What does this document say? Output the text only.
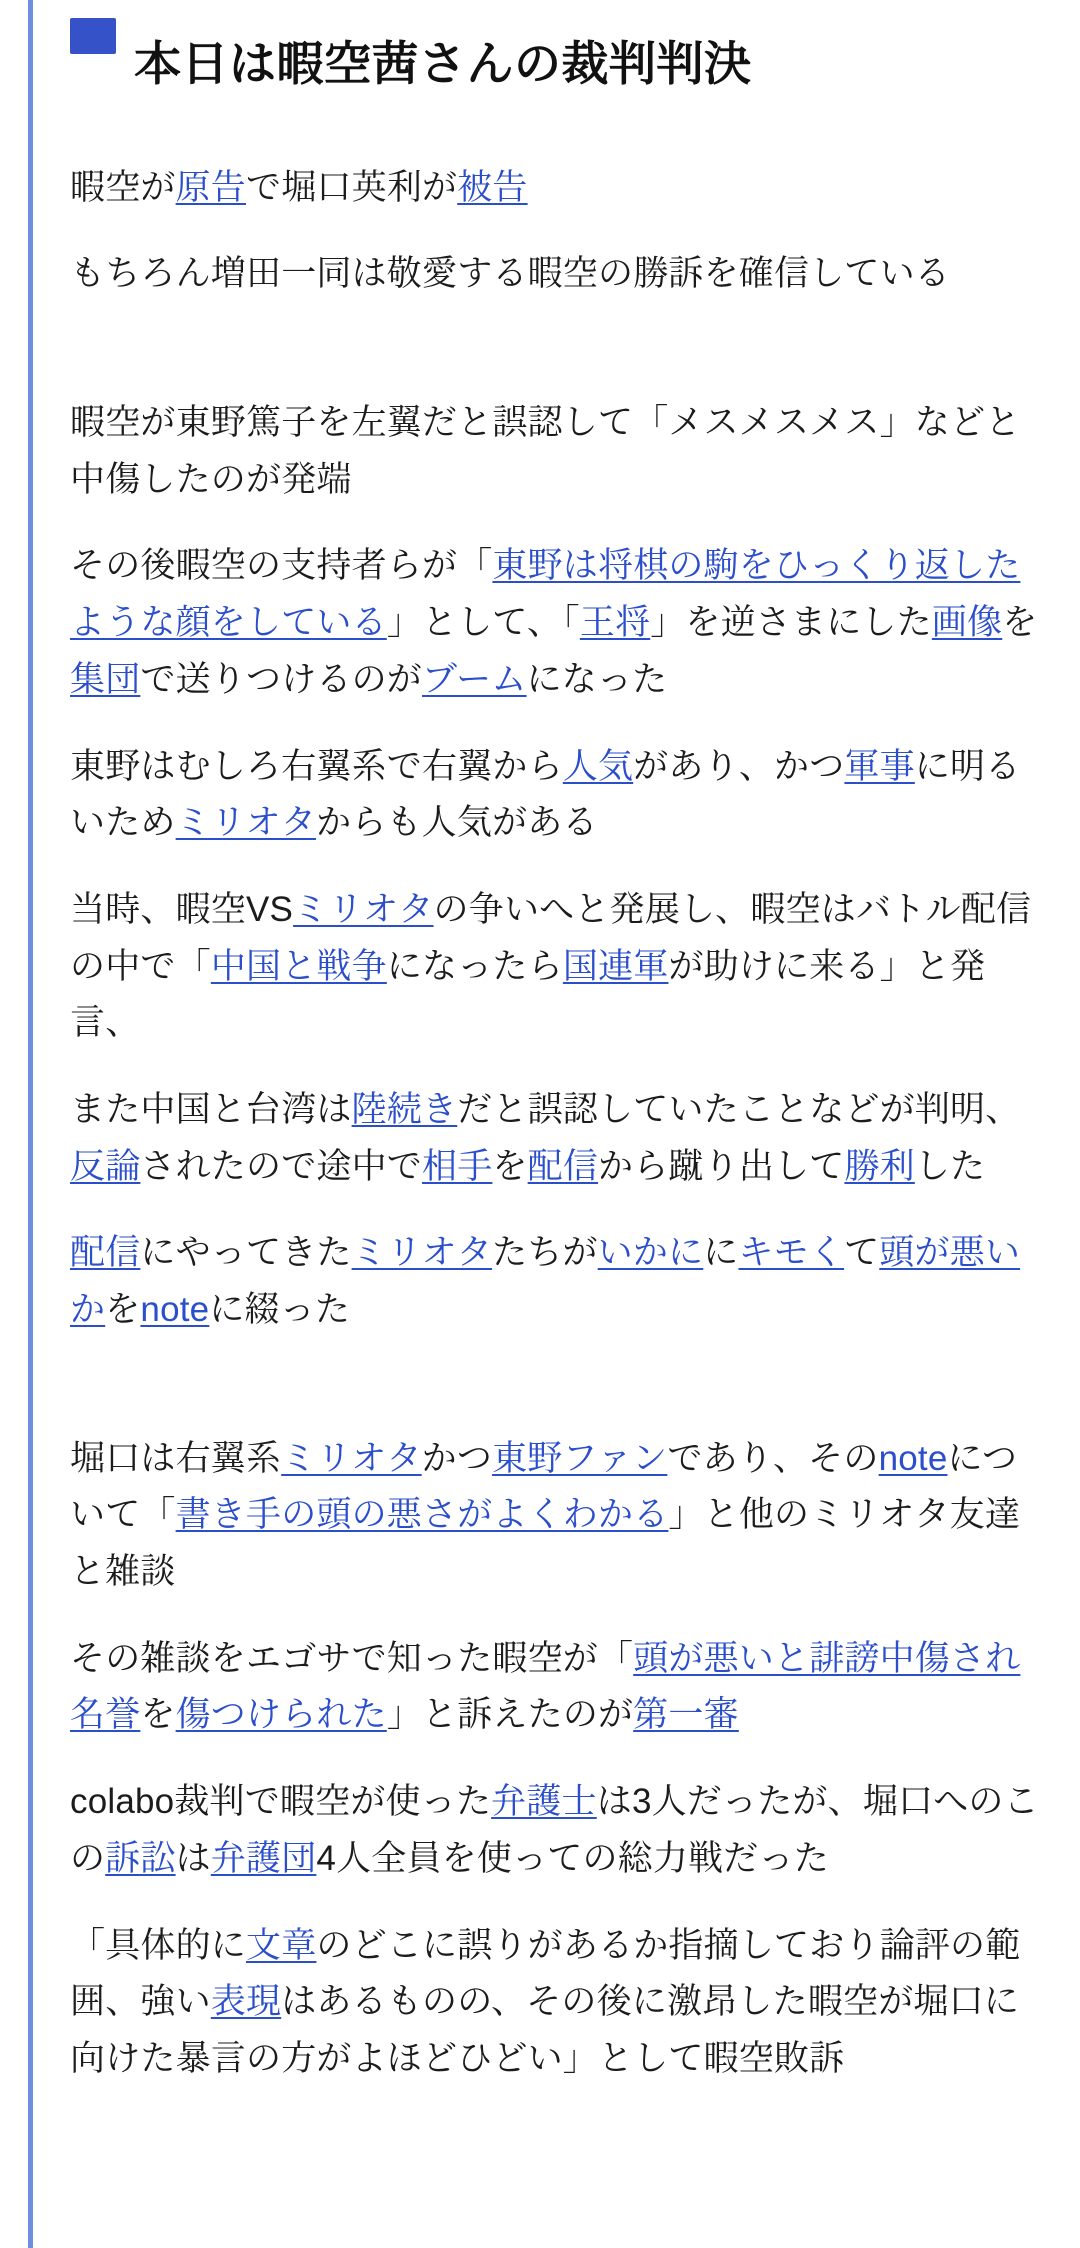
本日は暇空茜さんの裁判判決

暇空が原告で堀口英利が被告

もちろん増田一同は敬愛する暇空の勝訴を確信している

暇空が東野篤子を左翼だと誤認して「メスメスメス」などと中傷したのが発端

その後暇空の支持者らが「東野は将棋の駒をひっくり返したような顔をしている」として、「王将」を逆さまにした画像を集団で送りつけるのがブームになった

東野はむしろ右翼系で右翼から人気があり、かつ軍事に明るいためミリオタからも人気がある

当時、暇空VSミリオタの争いへと発展し、暇空はバトル配信の中で「中国と戦争になったら国連軍が助けに来る」と発言、

また中国と台湾は陸続きだと誤認していたことなどが判明、反論されたので途中で相手を配信から蹴り出して勝利した

配信にやってきたミリオタたちがいかににキモくて頭が悪いかをnoteに綴った

堀口は右翼系ミリオタかつ東野ファンであり、そのnoteについて「書き手の頭の悪さがよくわかる」と他のミリオタ友達と雑談

その雑談をエゴサで知った暇空が「頭が悪いと誹謗中傷され名誉を傷つけられた」と訴えたのが第一審

colabo裁判で暇空が使った弁護士は3人だったが、堀口へのこの訴訟は弁護団4人全員を使っての総力戦だった

「具体的に文章のどこに誤りがあるか指摘しており論評の範囲、強い表現はあるものの、その後に激昂した暇空が堀口に向けた暴言の方がよほどひどい」として暇空敗訴
